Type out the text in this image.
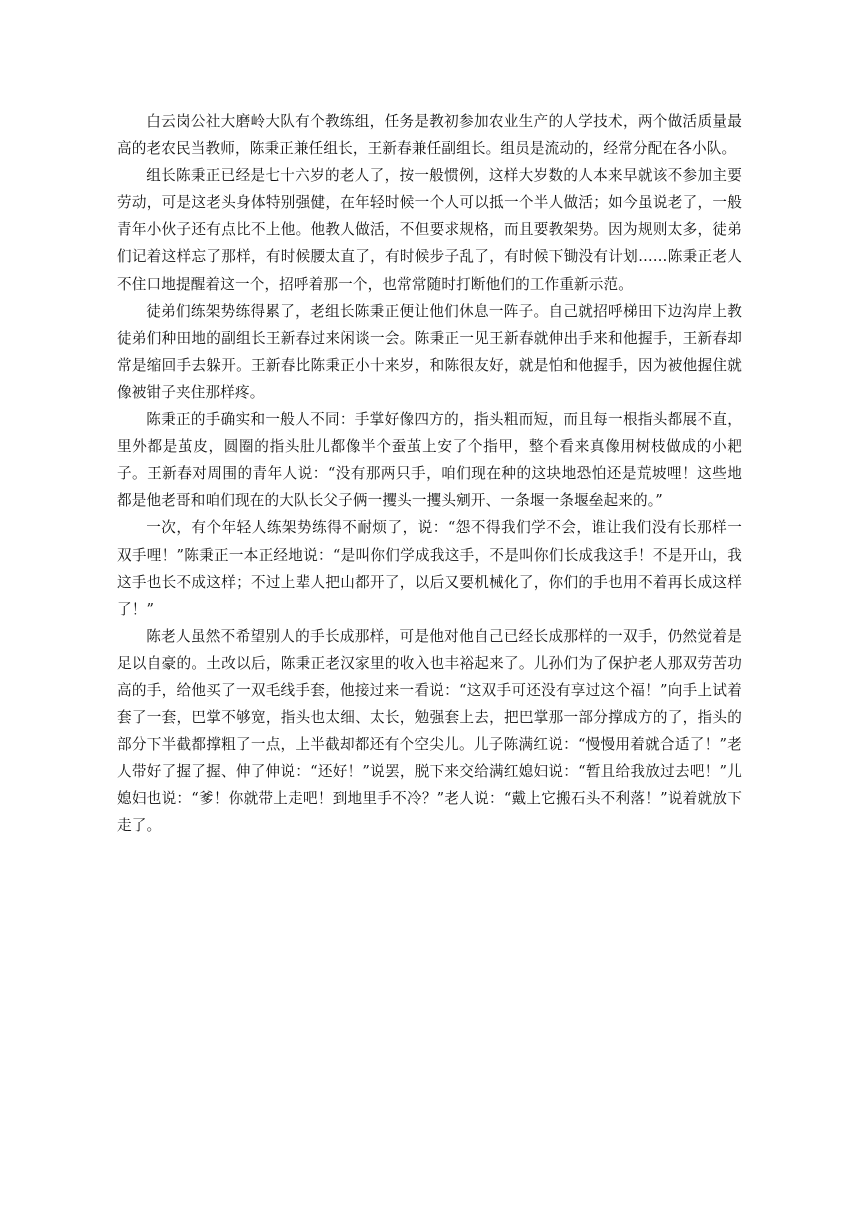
白云岗公社大磨岭大队有个教练组，任务是教初参加农业生产的人学技术，两个做活质量最高的老农民当教师，陈秉正兼任组长，王新春兼任副组长。组员是流动的，经常分配在各小队。

组长陈秉正已经是七十六岁的老人了，按一般惯例，这样大岁数的人本来早就该不参加主要劳动，可是这老头身体特别强健，在年轻时候一个人可以抵一个半人做活；如今虽说老了，一般青年小伙子还有点比不上他。他教人做活，不但要求规格，而且要教架势。因为规则太多，徒弟们记着这样忘了那样，有时候腰太直了，有时候步子乱了，有时候下锄没有计划……陈秉正老人不住口地提醒着这一个，招呼着那一个，也常常随时打断他们的工作重新示范。

徒弟们练架势练得累了，老组长陈秉正便让他们休息一阵子。自己就招呼梯田下边沟岸上教徒弟们种田地的副组长王新春过来闲谈一会。陈秉正一见王新春就伸出手来和他握手，王新春却常是缩回手去躲开。王新春比陈秉正小十来岁，和陈很友好，就是怕和他握手，因为被他握住就像被钳子夹住那样疼。

陈秉正的手确实和一般人不同：手掌好像四方的，指头粗而短，而且每一根指头都展不直，里外都是茧皮，圆圈的指头肚儿都像半个蚕茧上安了个指甲，整个看来真像用树枝做成的小耙子。王新春对周围的青年人说：“没有那两只手，咱们现在种的这块地恐怕还是荒坡哩！这些地都是他老哥和咱们现在的大队长父子俩一攫头一攫头剜开、一条堰一条堰垒起来的。”

一次，有个年轻人练架势练得不耐烦了，说：“怨不得我们学不会，谁让我们没有长那样一双手哩！”陈秉正一本正经地说：“是叫你们学成我这手，不是叫你们长成我这手！不是开山，我这手也长不成这样；不过上辈人把山都开了，以后又要机械化了，你们的手也用不着再长成这样了！”

陈老人虽然不希望别人的手长成那样，可是他对他自己已经长成那样的一双手，仍然觉着是足以自豪的。土改以后，陈秉正老汉家里的收入也丰裕起来了。儿孙们为了保护老人那双劳苦功高的手，给他买了一双毛线手套，他接过来一看说：“这双手可还没有享过这个福！”向手上试着套了一套，巴掌不够宽，指头也太细、太长，勉强套上去，把巴掌那一部分撑成方的了，指头的部分下半截都撑粗了一点，上半截却都还有个空尖儿。儿子陈满红说：“慢慢用着就合适了！”老人带好了握了握、伸了伸说：“还好！”说罢，脱下来交给满红媳妇说：“暂且给我放过去吧！”儿媳妇也说：“爹！你就带上走吧！到地里手不冷？”老人说：“戴上它搬石头不利落！”说着就放下走了。
